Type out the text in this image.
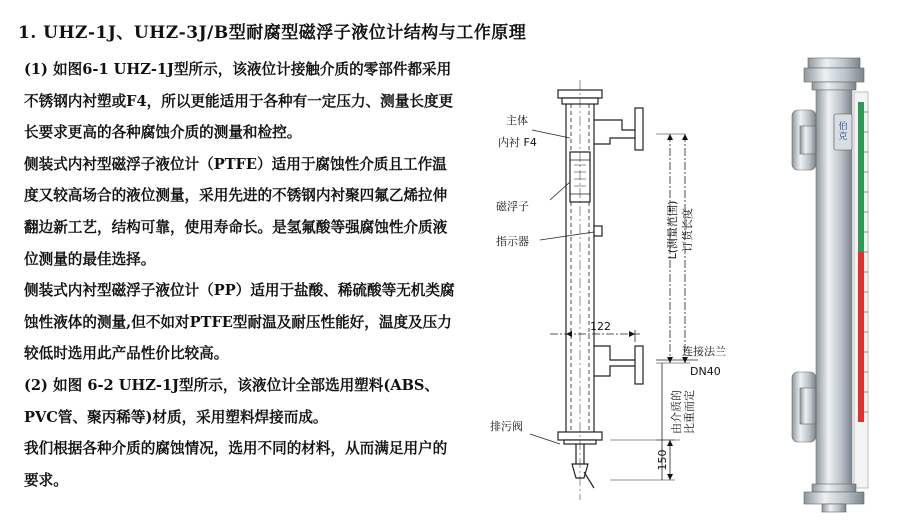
1. UHZ-1J、UHZ-3J/B型耐腐型磁浮子液位计结构与工作原理

(1) 如图6-1 UHZ-1J型所示，该液位计接触介质的零部件都采用不锈钢内衬塑或F4，所以更能适用于各种有一定压力、测量长度更长要求更高的各种腐蚀介质的测量和检控。

侧装式内衬型磁浮子液位计（PTFE）适用于腐蚀性介质且工作温度又较高场合的液位测量，采用先进的不锈钢内衬聚四氟乙烯拉伸翻边新工艺，结构可靠，使用寿命长。是氢氟酸等强腐蚀性介质液位测量的最佳选择。

侧装式内衬型磁浮子液位计（PP）适用于盐酸、稀硫酸等无机类腐蚀性液体的测量,但不如对PTFE型耐温及耐压性能好，温度及压力较低时选用此产品性价比较高。

(2) 如图 6-2 UHZ-1J型所示，该液位计全部选用塑料(ABS、PVC管、聚丙稀等)材质，采用塑料焊接而成。

我们根据各种介质的腐蚀情况，选用不同的材料，从而满足用户的要求。

主体
内衬 F4
磁浮子
指示器
122
连接法兰
DN40
排污阀
L(测量范围) 订货长度
由介质的 比重而定
150
伯克
